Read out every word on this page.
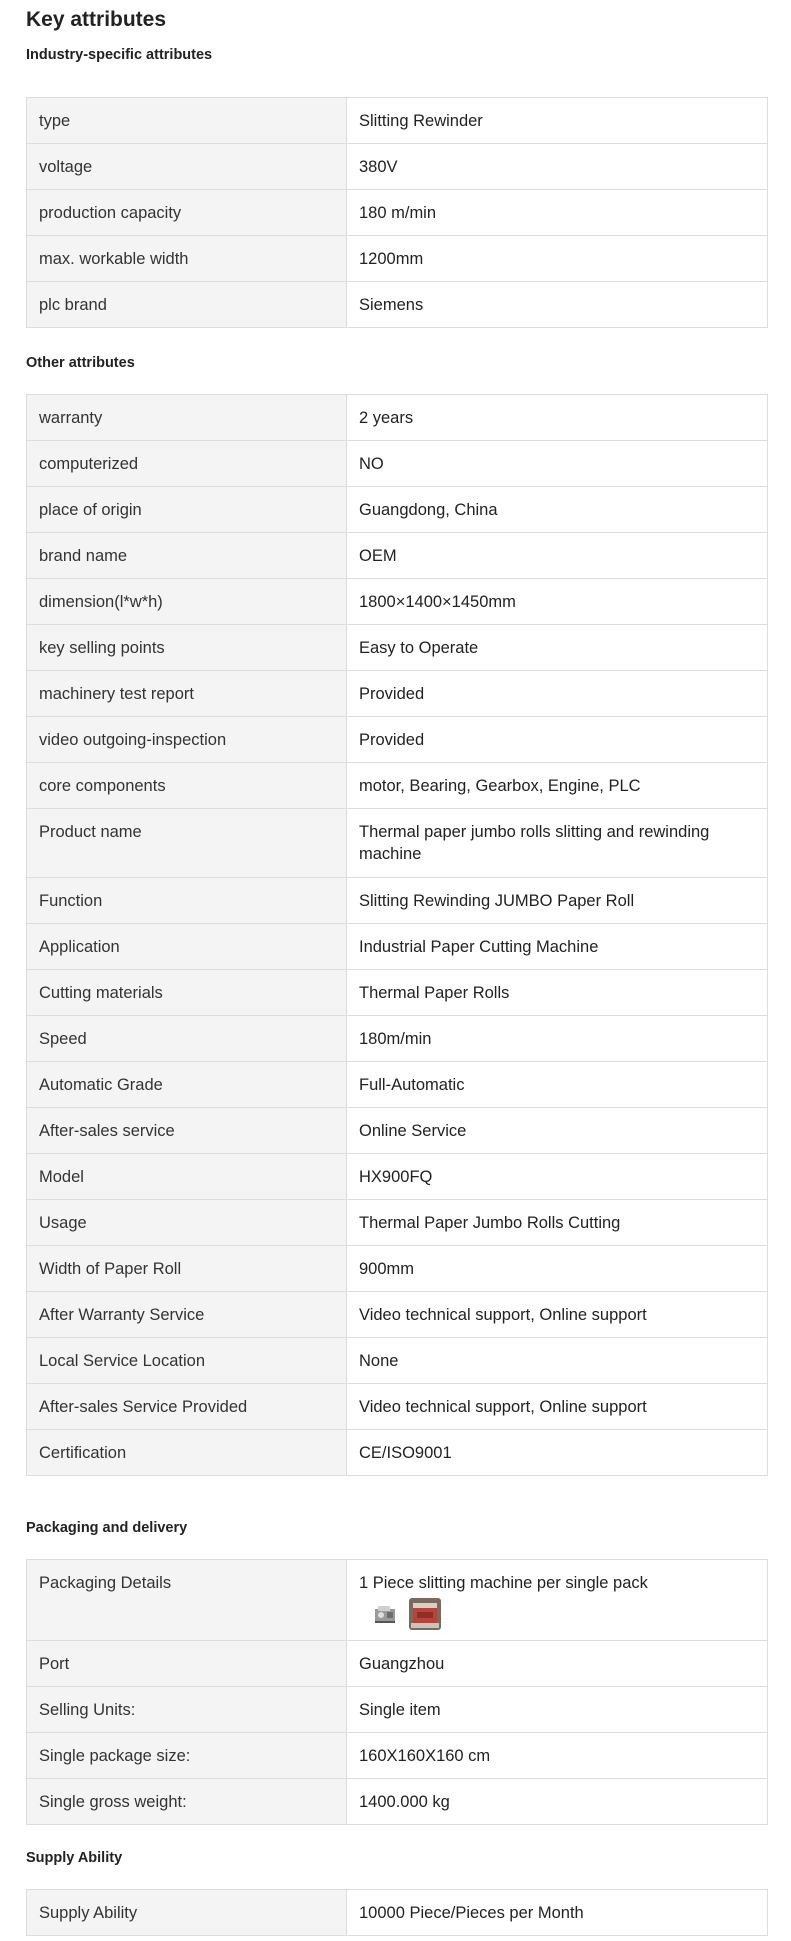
Key attributes
Industry-specific attributes
type	Slitting Rewinder
voltage	380V
production capacity	180 m/min
max. workable width	1200mm
plc brand	Siemens
Other attributes
warranty	2 years
computerized	NO
place of origin	Guangdong, China
brand name	OEM
dimension(l*w*h)	1800×1400×1450mm
key selling points	Easy to Operate
machinery test report	Provided
video outgoing-inspection	Provided
core components	motor, Bearing, Gearbox, Engine, PLC
Product name	Thermal paper jumbo rolls slitting and rewinding machine
Function	Slitting Rewinding JUMBO Paper Roll
Application	Industrial Paper Cutting Machine
Cutting materials	Thermal Paper Rolls
Speed	180m/min
Automatic Grade	Full-Automatic
After-sales service	Online Service
Model	HX900FQ
Usage	Thermal Paper Jumbo Rolls Cutting
Width of Paper Roll	900mm
After Warranty Service	Video technical support, Online support
Local Service Location	None
After-sales Service Provided	Video technical support, Online support
Certification	CE/ISO9001
Packaging and delivery
Packaging Details	1 Piece slitting machine per single pack

Port	Guangzhou
Selling Units:	Single item
Single package size:	160X160X160 cm
Single gross weight:	1400.000 kg
Supply Ability
Supply Ability	10000 Piece/Pieces per Month
